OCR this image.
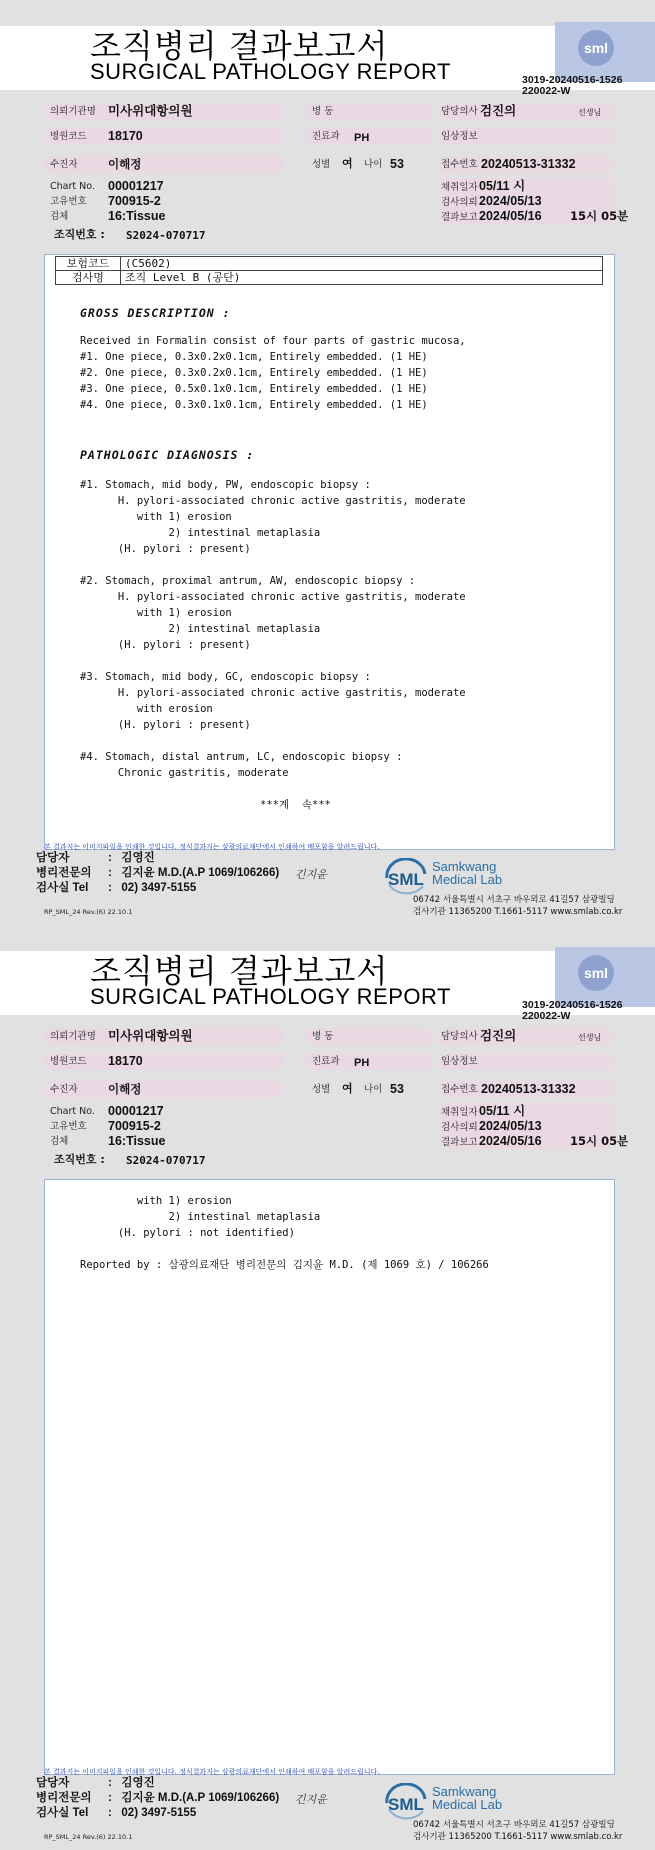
조직병리 결과보고서
SURGICAL PATHOLOGY REPORT
sml
3019-20240516-1526
220022-W
의뢰기관명 미사위대항의원	병 동	담당의사 검진의	선생님
병원코드 18170	진료과 PH	임상정보
수진자	이해정	성별 여 나이 53	접수번호 20240513-31332
Chart No. 00001217
고유번호 700915-2
검체	16:Tissue
조직번호 : S2024-070717
채취일자 05/11 시
검사의뢰 2024/05/13
결과보고 2024/05/16 15시 05분
보험코드	(C5602)
검사명	조직 Level B (공단)
본 결과지는 이미지파일을 인쇄한 것입니다. 정식결과지는 삼광의료재단에서 인쇄하여 배포함을 알려드립니다.
담당자	:   김영진
병리전문의 :   김지윤 M.D.(A.P 1069/106266)
검사실 Tel :   02) 3497-5155
긴지윤	SML
Samkwang
Medical Lab
06742 서울특별시 서초구 바우뫼로 41길57 삼광빌딩
검사기관 11365200 T.1661-5117 www.smlab.co.kr
RP_SML_24 Rev.(6) 22.10.1
GROSS DESCRIPTION :
Received in Formalin consist of four parts of gastric mucosa,
#1. One piece, 0.3x0.2x0.1cm, Entirely embedded. (1 HE)
#2. One piece, 0.3x0.2x0.1cm, Entirely embedded. (1 HE)
#3. One piece, 0.5x0.1x0.1cm, Entirely embedded. (1 HE)
#4. One piece, 0.3x0.1x0.1cm, Entirely embedded. (1 HE)
PATHOLOGIC DIAGNOSIS :
#1. Stomach, mid body, PW, endoscopic biopsy :
H. pylori-associated chronic active gastritis, moderate
with 1) erosion
2) intestinal metaplasia
(H. pylori : present)
#2. Stomach, proximal antrum, AW, endoscopic biopsy :
H. pylori-associated chronic active gastritis, moderate
with 1) erosion
2) intestinal metaplasia
(H. pylori : present)
#3. Stomach, mid body, GC, endoscopic biopsy :
H. pylori-associated chronic active gastritis, moderate
with erosion
(H. pylori : present)
#4. Stomach, distal antrum, LC, endoscopic biopsy :
Chronic gastritis, moderate
***계  속***
조직병리 결과보고서
SURGICAL PATHOLOGY REPORT
sml
3019-20240516-1526
220022-W
의뢰기관명 미사위대항의원	병 동	담당의사 검진의	선생님
병원코드 18170	진료과 PH	임상정보
수진자	이해정	성별 여 나이 53	접수번호 20240513-31332
Chart No. 00001217
고유번호 700915-2
검체	16:Tissue
조직번호 : S2024-070717
채취일자 05/11 시
검사의뢰 2024/05/13
결과보고 2024/05/16 15시 05분
본 결과지는 이미지파일을 인쇄한 것입니다. 정식결과지는 삼광의료재단에서 인쇄하여 배포함을 알려드립니다.
담당자	:   김영진
병리전문의 :   김지윤 M.D.(A.P 1069/106266)
검사실 Tel :   02) 3497-5155
긴지윤	SML
Samkwang
Medical Lab
06742 서울특별시 서초구 바우뫼로 41길57 삼광빌딩
검사기관 11365200 T.1661-5117 www.smlab.co.kr
RP_SML_24 Rev.(6) 22.10.1
with 1) erosion
2) intestinal metaplasia
(H. pylori : not identified)
Reported by : 삼광의료재단 병리전문의 김지윤 M.D. (제 1069 호) / 106266
